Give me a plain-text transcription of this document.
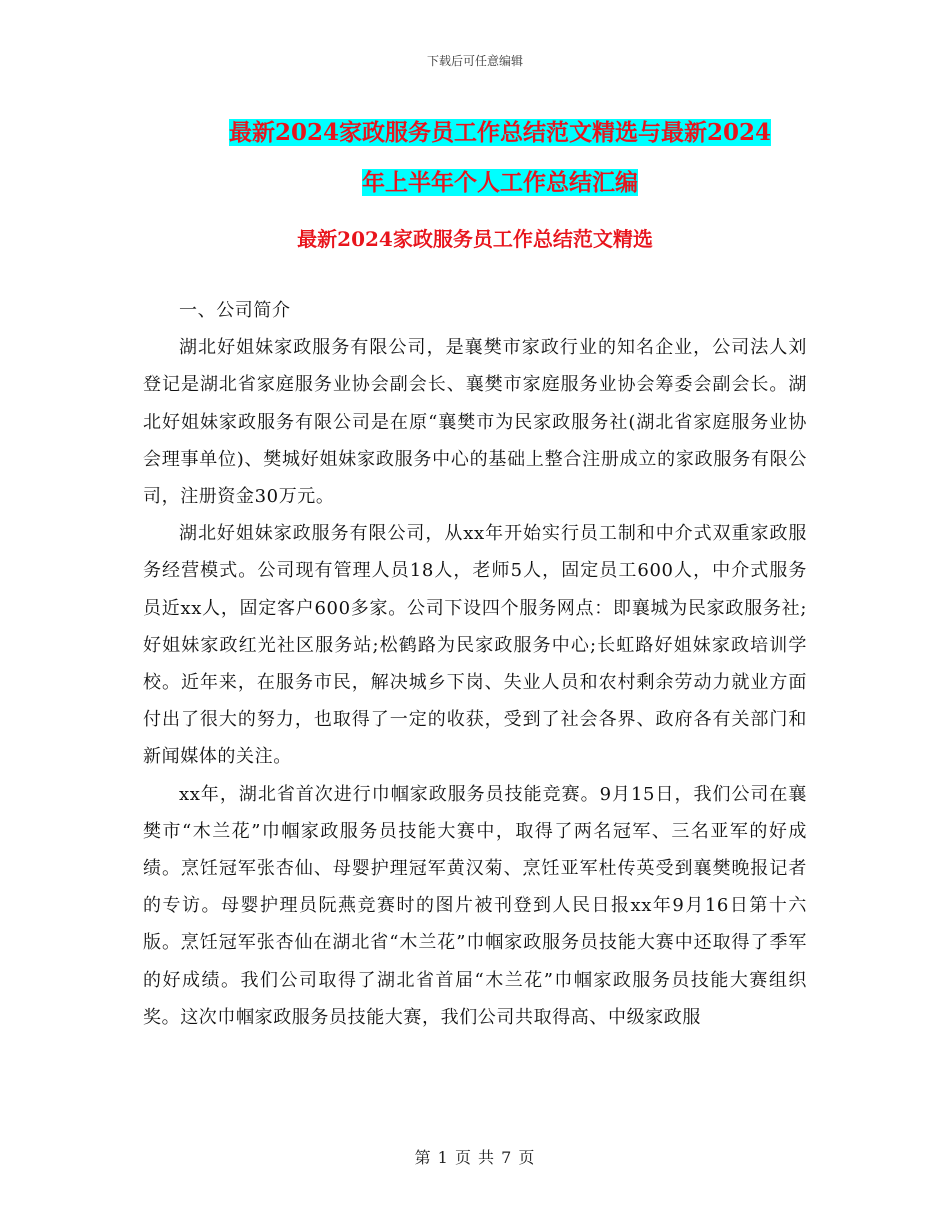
下载后可任意编辑
最新2024家政服务员工作总结范文精选与最新2024
年上半年个人工作总结汇编
最新2024家政服务员工作总结范文精选

一、公司简介

湖北好姐妹家政服务有限公司，是襄樊市家政行业的知名企业，公司法人刘登记是湖北省家庭服务业协会副会长、襄樊市家庭服务业协会筹委会副会长。湖北好姐妹家政服务有限公司是在原“襄樊市为民家政服务社(湖北省家庭服务业协会理事单位)、樊城好姐妹家政服务中心的基础上整合注册成立的家政服务有限公司，注册资金30万元。

湖北好姐妹家政服务有限公司，从xx年开始实行员工制和中介式双重家政服务经营模式。公司现有管理人员18人，老师5人，固定员工600人，中介式服务员近xx人，固定客户600多家。公司下设四个服务网点：即襄城为民家政服务社;好姐妹家政红光社区服务站;松鹤路为民家政服务中心;长虹路好姐妹家政培训学校。近年来，在服务市民，解决城乡下岗、失业人员和农村剩余劳动力就业方面付出了很大的努力，也取得了一定的收获，受到了社会各界、政府各有关部门和新闻媒体的关注。

xx年，湖北省首次进行巾帼家政服务员技能竞赛。9月15日，我们公司在襄樊市“木兰花”巾帼家政服务员技能大赛中，取得了两名冠军、三名亚军的好成绩。烹饪冠军张杏仙、母婴护理冠军黄汉菊、烹饪亚军杜传英受到襄樊晚报记者的专访。母婴护理员阮燕竞赛时的图片被刊登到人民日报xx年9月16日第十六版。烹饪冠军张杏仙在湖北省“木兰花”巾帼家政服务员技能大赛中还取得了季军的好成绩。我们公司取得了湖北省首届“木兰花”巾帼家政服务员技能大赛组织奖。这次巾帼家政服务员技能大赛，我们公司共取得高、中级家政服

第 1 页 共 7 页
